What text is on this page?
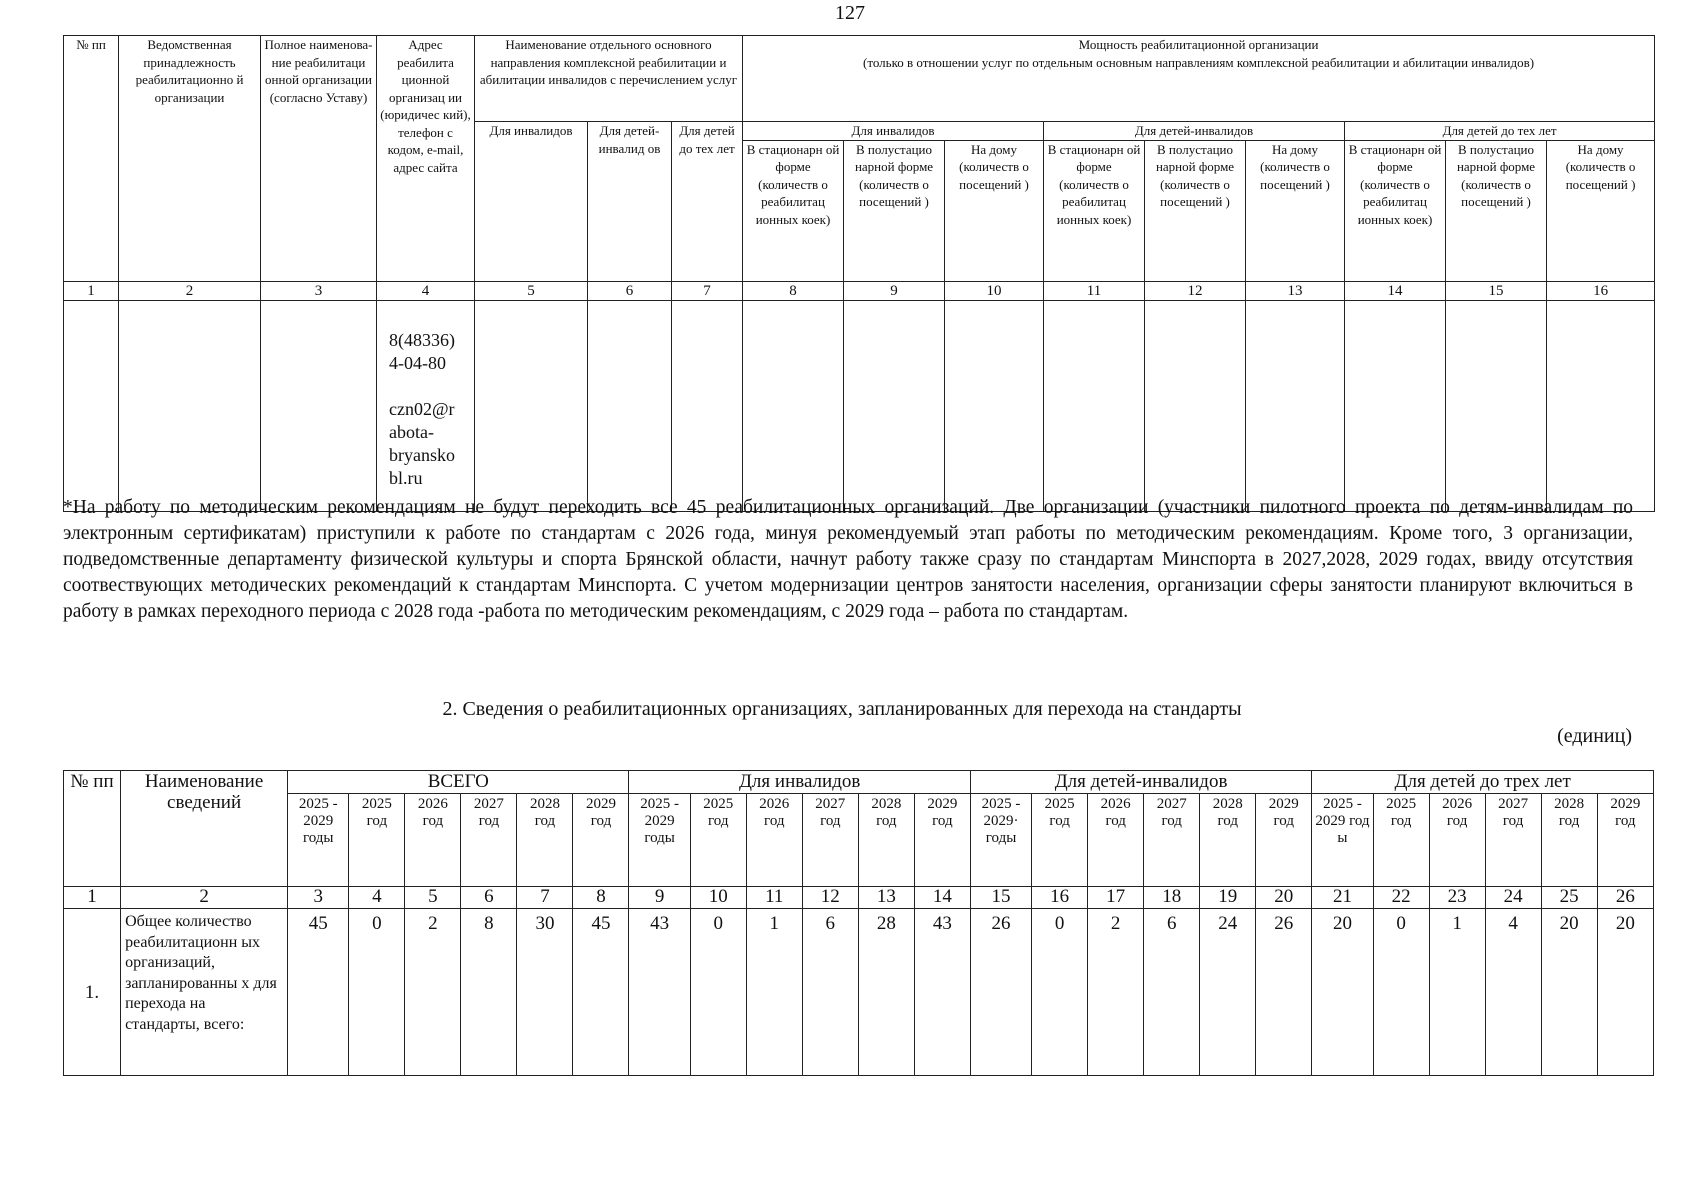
127
№ пп	Ведомственная принадлежность реабилитационно й организации	Полное наименова-ние реабилитаци онной организации (согласно Уставу)	Адрес реабилита ционной организац ии (юридичес кий), телефон с кодом, e-mail, адрес сайта	Наименование отдельного основного направления комплексной реабилитации и абилитации инвалидов с перечислением услуг			Мощность реабилитационной организации
(только в отношении услуг по отдельным основным направлениям комплексной реабилитации и абилитации инвалидов)								

				Для инвалидов	Для детей-инвалид ов	Для детей до тех лет	Для инвалидов			Для детей-инвалидов			Для детей до тех лет		
							В стационарн ой форме (количеств о реабилитац ионных коек)	В полустацио нарной форме (количеств о посещений )	На дому (количеств о посещений )	В стационарн ой форме (количеств о реабилитац ионных коек)	В полустацио нарной форме (количеств о посещений )	На дому (количеств о посещений )	В стационарн ой форме (количеств о реабилитац ионных коек)	В полустацио нарной форме (количеств о посещений )	На дому (количеств о посещений )
1	2	3	4	5	6	7	8	9	10	11	12	13	14	15	16

			8(48336) 4-04-80
czn02@r
abota-
bryansko
bl.ru												

*На работу по методическим рекомендациям не будут переходить все 45 реабилитационных организаций. Две организации (участники пилотного проекта по детям-инвалидам по электронным сертификатам) приступили к работе по стандартам с 2026 года, минуя рекомендуемый этап работы по методическим рекомендациям. Кроме того, 3 организации, подведомственные департаменту физической культуры и спорта Брянской области, начнут работу также сразу по стандартам Минспорта в 2027,2028, 2029 годах, ввиду отсутствия соотвествующих методических рекомендаций к стандартам Минспорта. С учетом модернизации центров занятости населения, организации сферы занятости планируют включиться в работу в рамках переходного периода с 2028 года -работа по методическим рекомендациям, с 2029 года – работа по стандартам.
2. Сведения о реабилитационных организациях, запланированных для перехода на стандарты
(единиц)
№ пп	Наименование сведений	ВСЕГО						Для инвалидов						Для детей-инвалидов						Для детей до трех лет					
		2025 - 2029 годы	2025 год	2026 год	2027 год	2028 год	2029 год	2025 - 2029 годы	2025 год	2026 год	2027 год	2028 год	2029 год	2025 - 2029· годы	2025 год	2026 год	2027 год	2028 год	2029 год	2025 - 2029 год ы	2025 год	2026 год	2027 год	2028 год	2029 год
1	2	3	4	5	6	7	8	9	10	11	12	13	14	15	16	17	18	19	20	21	22	23	24	25	26
1.	Общее количество реабилитационн ых организаций, запланированны х для перехода на стандарты, всего:	45	0	2	8	30	45	43	0	1	6	28	43	26	0	2	6	24	26	20	0	1	4	20	20
